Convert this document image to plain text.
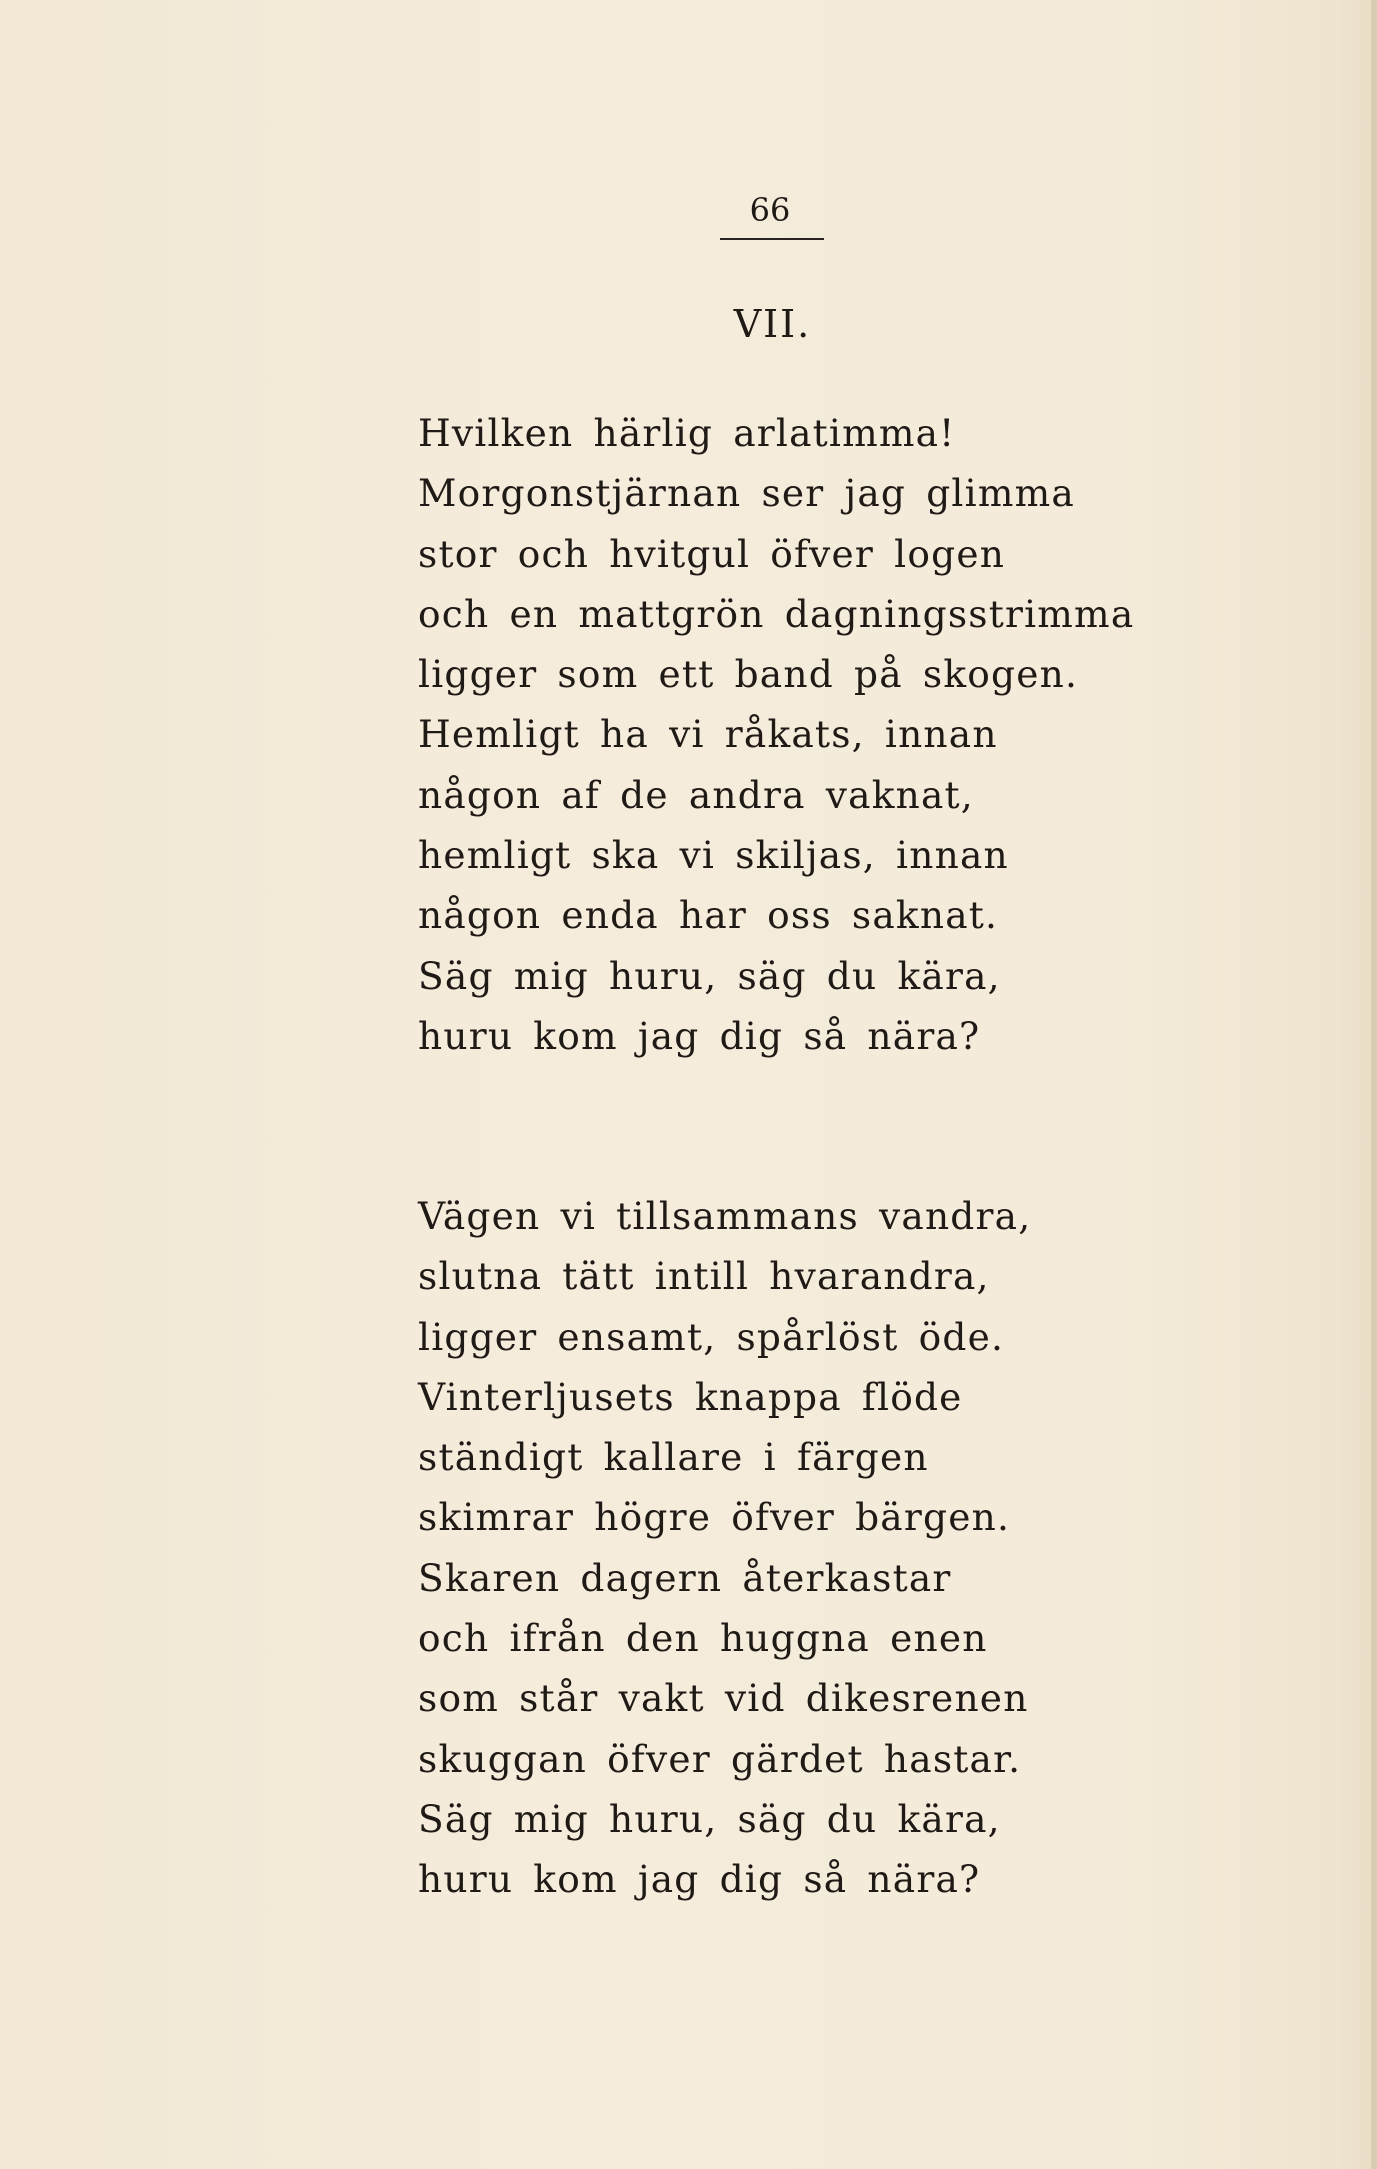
66
VII.
Hvilken härlig arlatimma!
Morgonstjärnan ser jag glimma
stor och hvitgul öfver logen
och en mattgrön dagningsstrimma
ligger som ett band på skogen.
Hemligt ha vi råkats, innan
någon af de andra vaknat,
hemligt ska vi skiljas, innan
någon enda har oss saknat.
Säg mig huru, säg du kära,
huru kom jag dig så nära?
Vägen vi tillsammans vandra,
slutna tätt intill hvarandra,
ligger ensamt, spårlöst öde.
Vinterljusets knappa flöde
ständigt kallare i färgen
skimrar högre öfver bärgen.
Skaren dagern återkastar
och ifrån den huggna enen
som står vakt vid dikesrenen
skuggan öfver gärdet hastar.
Säg mig huru, säg du kära,
huru kom jag dig så nära?
